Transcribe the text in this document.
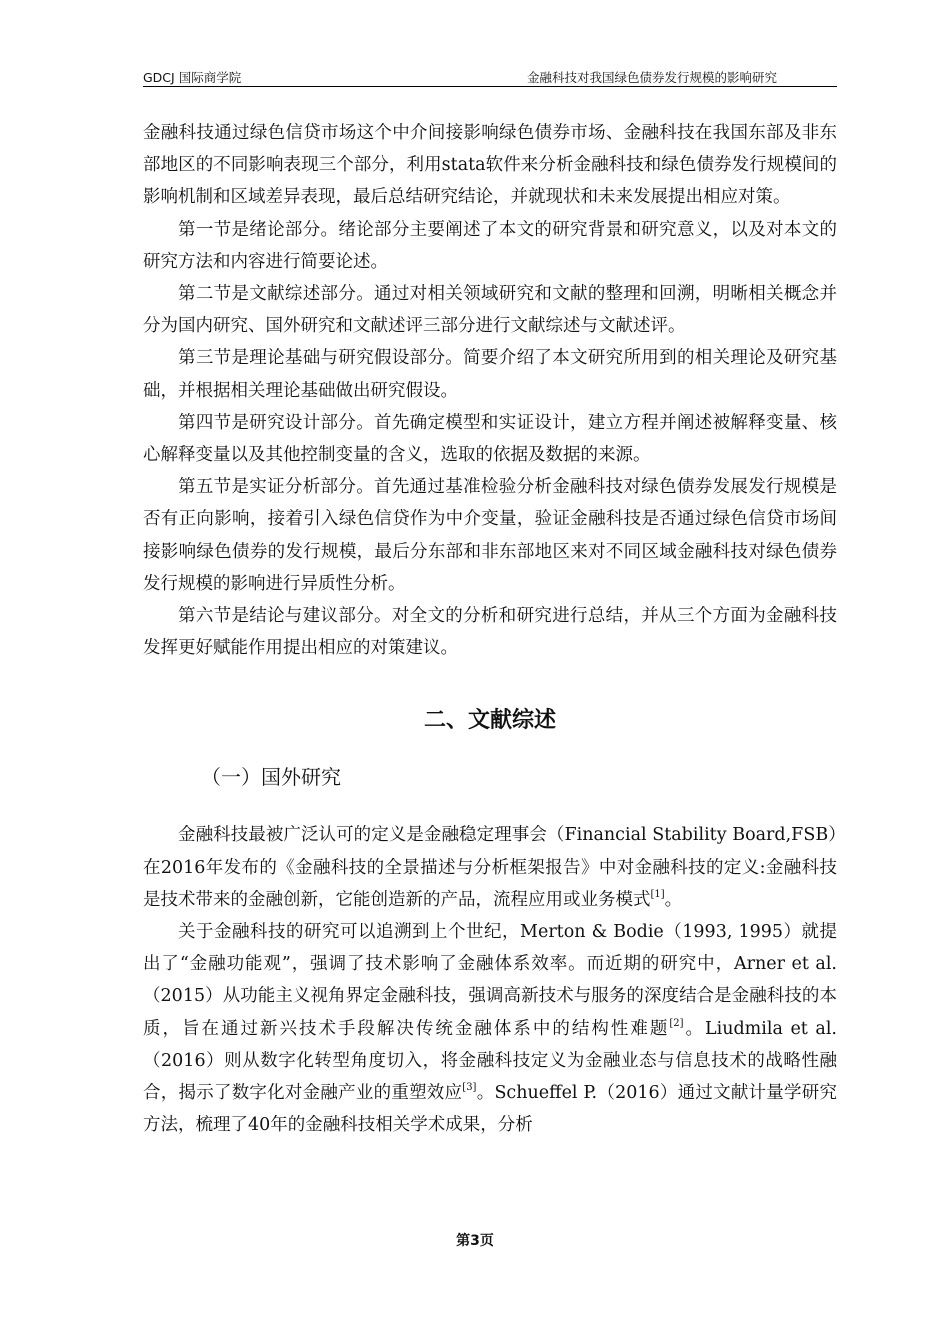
GDCJ 国际商学院	金融科技对我国绿色债券发行规模的影响研究

金融科技通过绿色信贷市场这个中介间接影响绿色债券市场、金融科技在我国东部及非东部地区的不同影响表现三个部分，利用stata软件来分析金融科技和绿色债券发行规模间的影响机制和区域差异表现，最后总结研究结论，并就现状和未来发展提出相应对策。

第一节是绪论部分。绪论部分主要阐述了本文的研究背景和研究意义，以及对本文的研究方法和内容进行简要论述。

第二节是文献综述部分。通过对相关领域研究和文献的整理和回溯，明晰相关概念并分为国内研究、国外研究和文献述评三部分进行文献综述与文献述评。

第三节是理论基础与研究假设部分。简要介绍了本文研究所用到的相关理论及研究基础，并根据相关理论基础做出研究假设。

第四节是研究设计部分。首先确定模型和实证设计，建立方程并阐述被解释变量、核心解释变量以及其他控制变量的含义，选取的依据及数据的来源。

第五节是实证分析部分。首先通过基准检验分析金融科技对绿色债券发展发行规模是否有正向影响，接着引入绿色信贷作为中介变量，验证金融科技是否通过绿色信贷市场间接影响绿色债券的发行规模，最后分东部和非东部地区来对不同区域金融科技对绿色债券发行规模的影响进行异质性分析。

第六节是结论与建议部分。对全文的分析和研究进行总结，并从三个方面为金融科技发挥更好赋能作用提出相应的对策建议。

二、文献综述
（一）国外研究

金融科技最被广泛认可的定义是金融稳定理事会（Financial Stability Board,FSB）在2016年发布的《金融科技的全景描述与分析框架报告》中对金融科技的定义:金融科技是技术带来的金融创新，它能创造新的产品，流程应用或业务模式[1]。

关于金融科技的研究可以追溯到上个世纪，Merton & Bodie（1993, 1995）就提出了“金融功能观”，强调了技术影响了金融体系效率。而近期的研究中，Arner et al.（2015）从功能主义视角界定金融科技，强调高新技术与服务的深度结合是金融科技的本质，旨在通过新兴技术手段解决传统金融体系中的结构性难题[2]。Liudmila et al.（2016）则从数字化转型角度切入，将金融科技定义为金融业态与信息技术的战略性融合，揭示了数字化对金融产业的重塑效应[3]。Schueffel P.（2016）通过文献计量学研究方法，梳理了40年的金融科技相关学术成果，分析

第3页
